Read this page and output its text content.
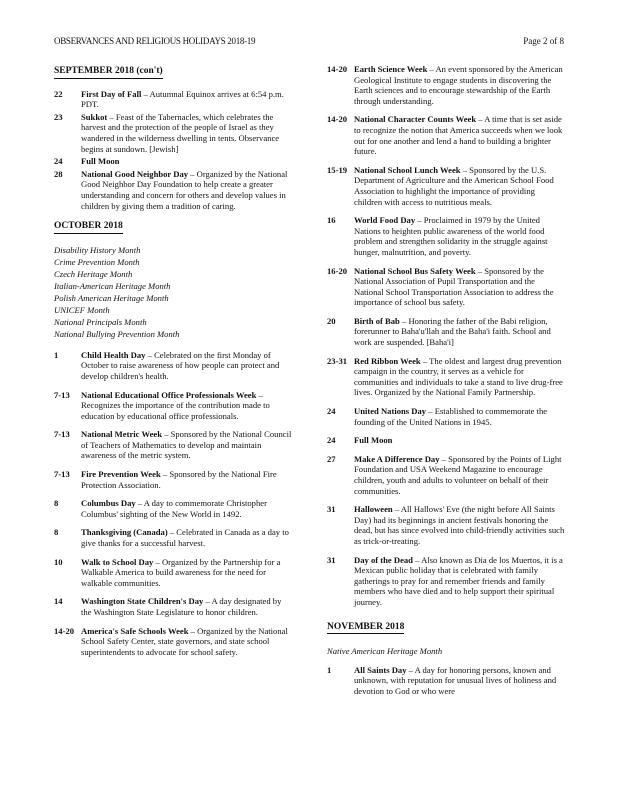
OBSERVANCES AND RELIGIOUS HOLIDAYS 2018-19	Page 2 of 8
SEPTEMBER 2018 (con't)
22	First Day of Fall – Autumnal Equinox arrives at 6:54 p.m. PDT.
23	Sukkot – Feast of the Tabernacles, which celebrates the harvest and the protection of the people of Israel as they wandered in the wilderness dwelling in tents. Observance begins at sundown. [Jewish]
24	Full Moon
28	National Good Neighbor Day – Organized by the National Good Neighbor Day Foundation to help create a greater understanding and concern for others and develop values in children by giving them a tradition of caring.
OCTOBER 2018
Disability History Month
Crime Prevention Month
Czech Heritage Month
Italian-American Heritage Month
Polish American Heritage Month
UNICEF Month
National Principals Month
National Bullying Prevention Month
1	Child Health Day – Celebrated on the first Monday of October to raise awareness of how people can protect and develop children's health.
7-13	National Educational Office Professionals Week – Recognizes the importance of the contribution made to education by educational office professionals.
7-13	National Metric Week – Sponsored by the National Council of Teachers of Mathematics to develop and maintain awareness of the metric system.
7-13	Fire Prevention Week – Sponsored by the National Fire Protection Association.
8	Columbus Day – A day to commemorate Christopher Columbus' sighting of the New World in 1492.
8	Thanksgiving (Canada) – Celebrated in Canada as a day to give thanks for a successful harvest.
10	Walk to School Day – Organized by the Partnership for a Walkable America to build awareness for the need for walkable communities.
14	Washington State Children's Day – A day designated by the Washington State Legislature to honor children.
14-20 America's Safe Schools Week – Organized by the National School Safety Center, state governors, and state school superintendents to advocate for school safety.
14-20 Earth Science Week – An event sponsored by the American Geological Institute to engage students in discovering the Earth sciences and to encourage stewardship of the Earth through understanding.
14-20 National Character Counts Week – A time that is set aside to recognize the notion that America succeeds when we look out for one another and lend a hand to building a brighter future.
15-19 National School Lunch Week – Sponsored by the U.S. Department of Agriculture and the American School Food Association to highlight the importance of providing children with access to nutritious meals.
16	World Food Day – Proclaimed in 1979 by the United Nations to heighten public awareness of the world food problem and strengthen solidarity in the struggle against hunger, malnutrition, and poverty.
16-20 National School Bus Safety Week – Sponsored by the National Association of Pupil Transportation and the National School Transportation Association to address the importance of school bus safety.
20	Birth of Bab – Honoring the father of the Babi religion, forerunner to Baha'u'llah and the Baha'i faith. School and work are suspended. [Baha'i]
23-31 Red Ribbon Week – The oldest and largest drug prevention campaign in the country, it serves as a vehicle for communities and individuals to take a stand to live drug-free lives. Organized by the National Family Partnership.
24	United Nations Day – Established to commemorate the founding of the United Nations in 1945.
24	Full Moon
27	Make A Difference Day – Sponsored by the Points of Light Foundation and USA Weekend Magazine to encourage children, youth and adults to volunteer on behalf of their communities.
31	Halloween – All Hallows' Eve (the night before All Saints Day) had its beginnings in ancient festivals honoring the dead, but has since evolved into child-friendly activities such as trick-or-treating.
31	Day of the Dead – Also known as Dia de los Muertos, it is a Mexican public holiday that is celebrated with family gatherings to pray for and remember friends and family members who have died and to help support their spiritual journey.
NOVEMBER 2018
Native American Heritage Month
1	All Saints Day – A day for honoring persons, known and unknown, with reputation for unusual lives of holiness and devotion to God or who were
